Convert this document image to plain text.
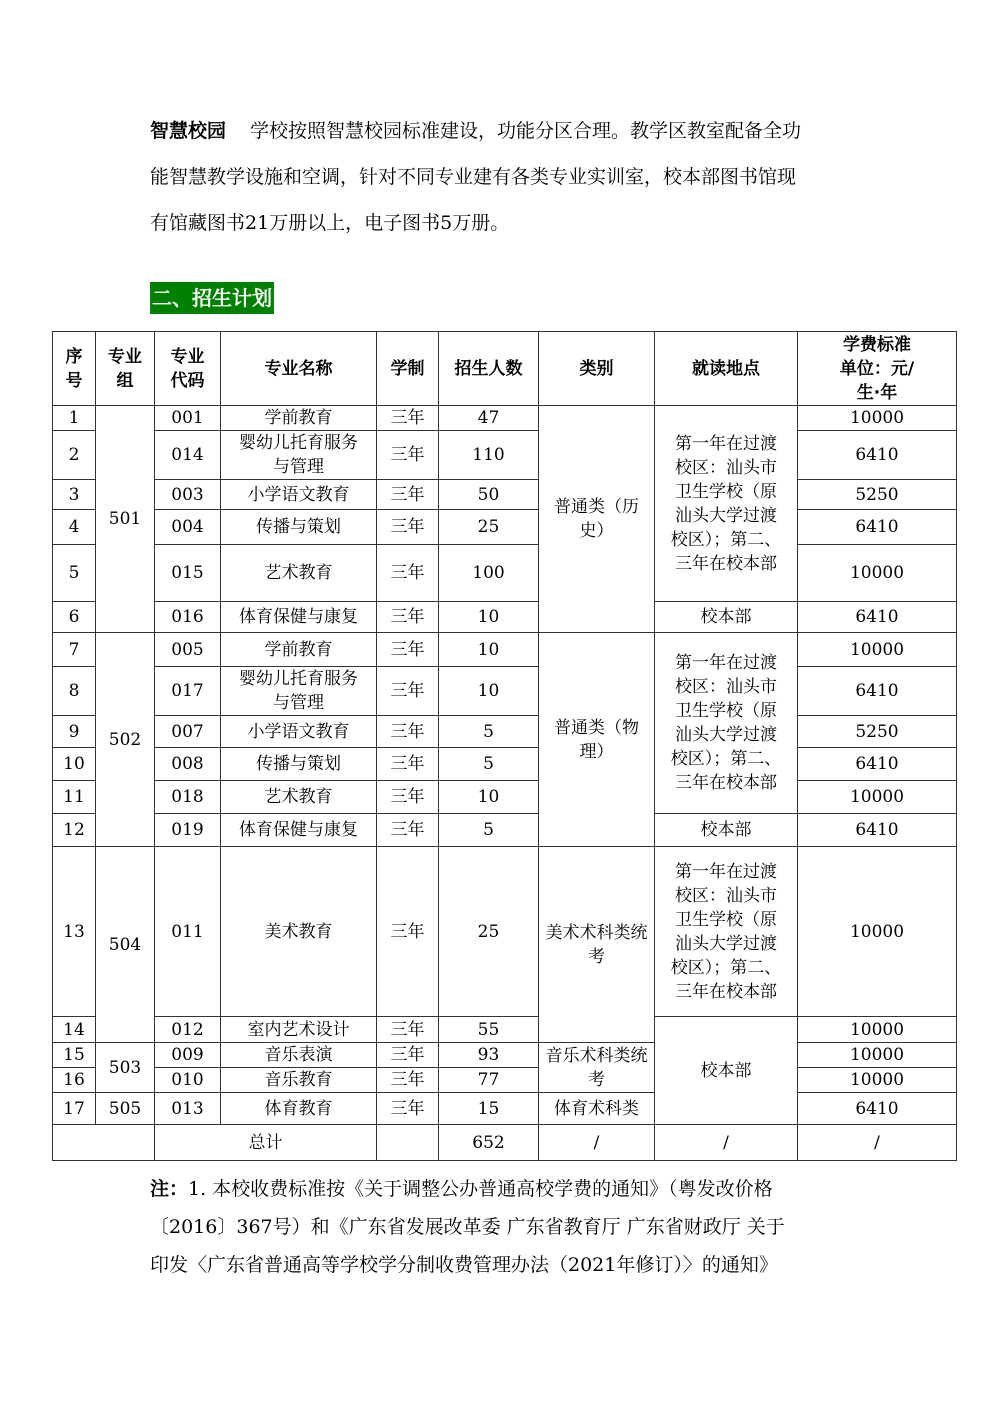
智慧校园 学校按照智慧校园标准建设，功能分区合理。教学区教室配备全功
能智慧教学设施和空调，针对不同专业建有各类专业实训室，校本部图书馆现
有馆藏图书21万册以上，电子图书5万册。
二、招生计划
序号	专业组	专业代码	专业名称	学制	招生人数	类别	就读地点	学费标准
单位：元/
生·年

1	501	001	学前教育	三年	47	普通类（历史）	第一年在过渡校区：汕头市卫生学校（原汕头大学过渡校区）；第二、三年在校本部	10000
2		014	婴幼儿托育服务与管理	三年	110			6410
3		003	小学语文教育	三年	50			5250
4		004	传播与策划	三年	25			6410
5		015	艺术教育	三年	100			10000
6		016	体育保健与康复	三年	10		校本部	6410
7	502	005	学前教育	三年	10	普通类（物理）	第一年在过渡校区：汕头市卫生学校（原汕头大学过渡校区）；第二、三年在校本部	10000
8		017	婴幼儿托育服务与管理	三年	10			6410
9		007	小学语文教育	三年	5			5250
10		008	传播与策划	三年	5			6410
11		018	艺术教育	三年	10			10000
12		019	体育保健与康复	三年	5		校本部	6410
13	504	011	美术教育	三年	25	美术术科类统考	第一年在过渡校区：汕头市卫生学校（原汕头大学过渡校区）；第二、三年在校本部	10000
14		012	室内艺术设计	三年	55		校本部	10000
15	503	009	音乐表演	三年	93	音乐术科类统考		10000
16		010	音乐教育	三年	77			10000
17	505	013	体育教育	三年	15	体育术科类		6410
		总计			652	/	/	/
注：1. 本校收费标准按《关于调整公办普通高校学费的通知》（粤发改价格
〔2016〕367号）和《广东省发展改革委 广东省教育厅 广东省财政厅 关于
印发〈广东省普通高等学校学分制收费管理办法（2021年修订）〉的通知》
